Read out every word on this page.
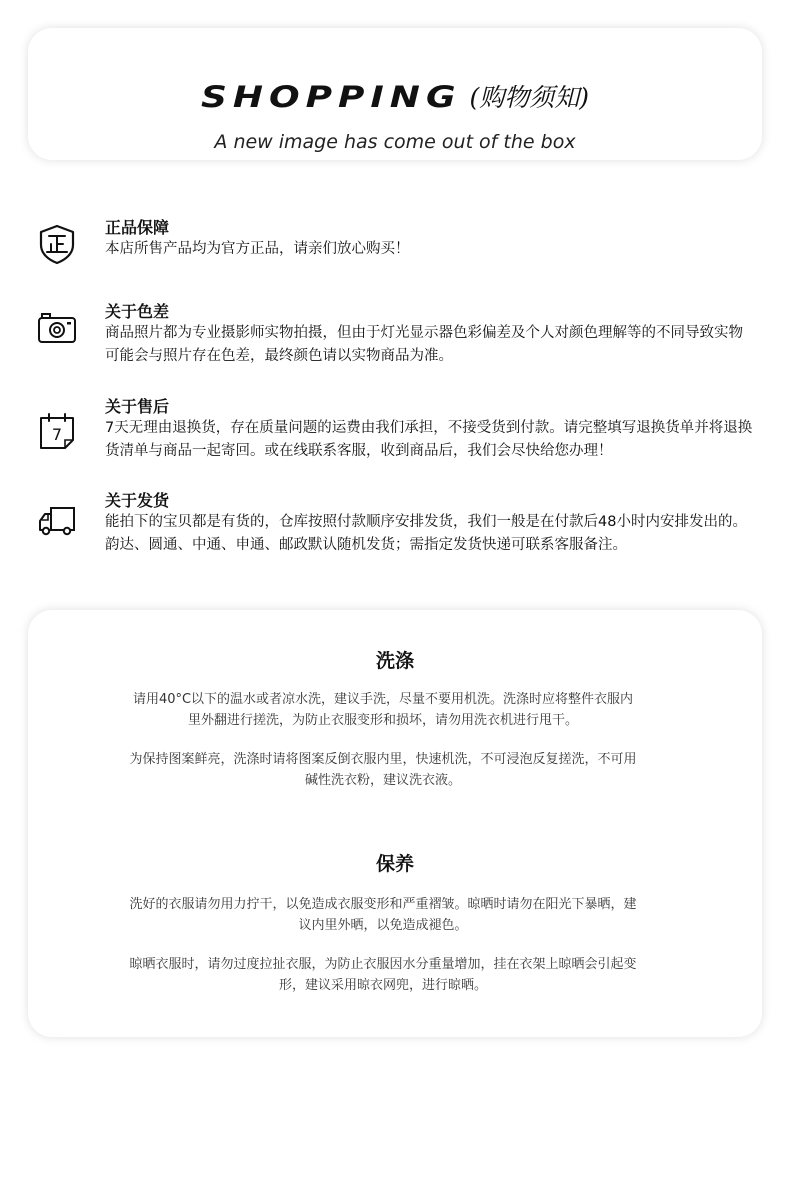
SHOPPING (购物须知)
A new image has come out of the box
正品保障
本店所售产品均为官方正品，请亲们放心购买！
关于色差
商品照片都为专业摄影师实物拍摄，但由于灯光显示器色彩偏差及个人对颜色理解等的不同导致实物可能会与照片存在色差，最终颜色请以实物商品为准。
7
关于售后
7天无理由退换货，存在质量问题的运费由我们承担，不接受货到付款。请完整填写退换货单并将退换货清单与商品一起寄回。或在线联系客服，收到商品后，我们会尽快给您办理！
关于发货
能拍下的宝贝都是有货的，仓库按照付款顺序安排发货，我们一般是在付款后48小时内安排发出的。韵达、圆通、中通、申通、邮政默认随机发货；需指定发货快递可联系客服备注。
洗涤
请用40°C以下的温水或者凉水洗，建议手洗，尽量不要用机洗。洗涤时应将整件衣服内里外翻进行搓洗，为防止衣服变形和损坏，请勿用洗衣机进行甩干。
为保持图案鲜亮，洗涤时请将图案反倒衣服内里，快速机洗，不可浸泡反复搓洗，不可用碱性洗衣粉，建议洗衣液。
保养
洗好的衣服请勿用力拧干，以免造成衣服变形和严重褶皱。晾晒时请勿在阳光下暴晒，建议内里外晒，以免造成褪色。
晾晒衣服时，请勿过度拉扯衣服，为防止衣服因水分重量增加，挂在衣架上晾晒会引起变形，建议采用晾衣网兜，进行晾晒。
